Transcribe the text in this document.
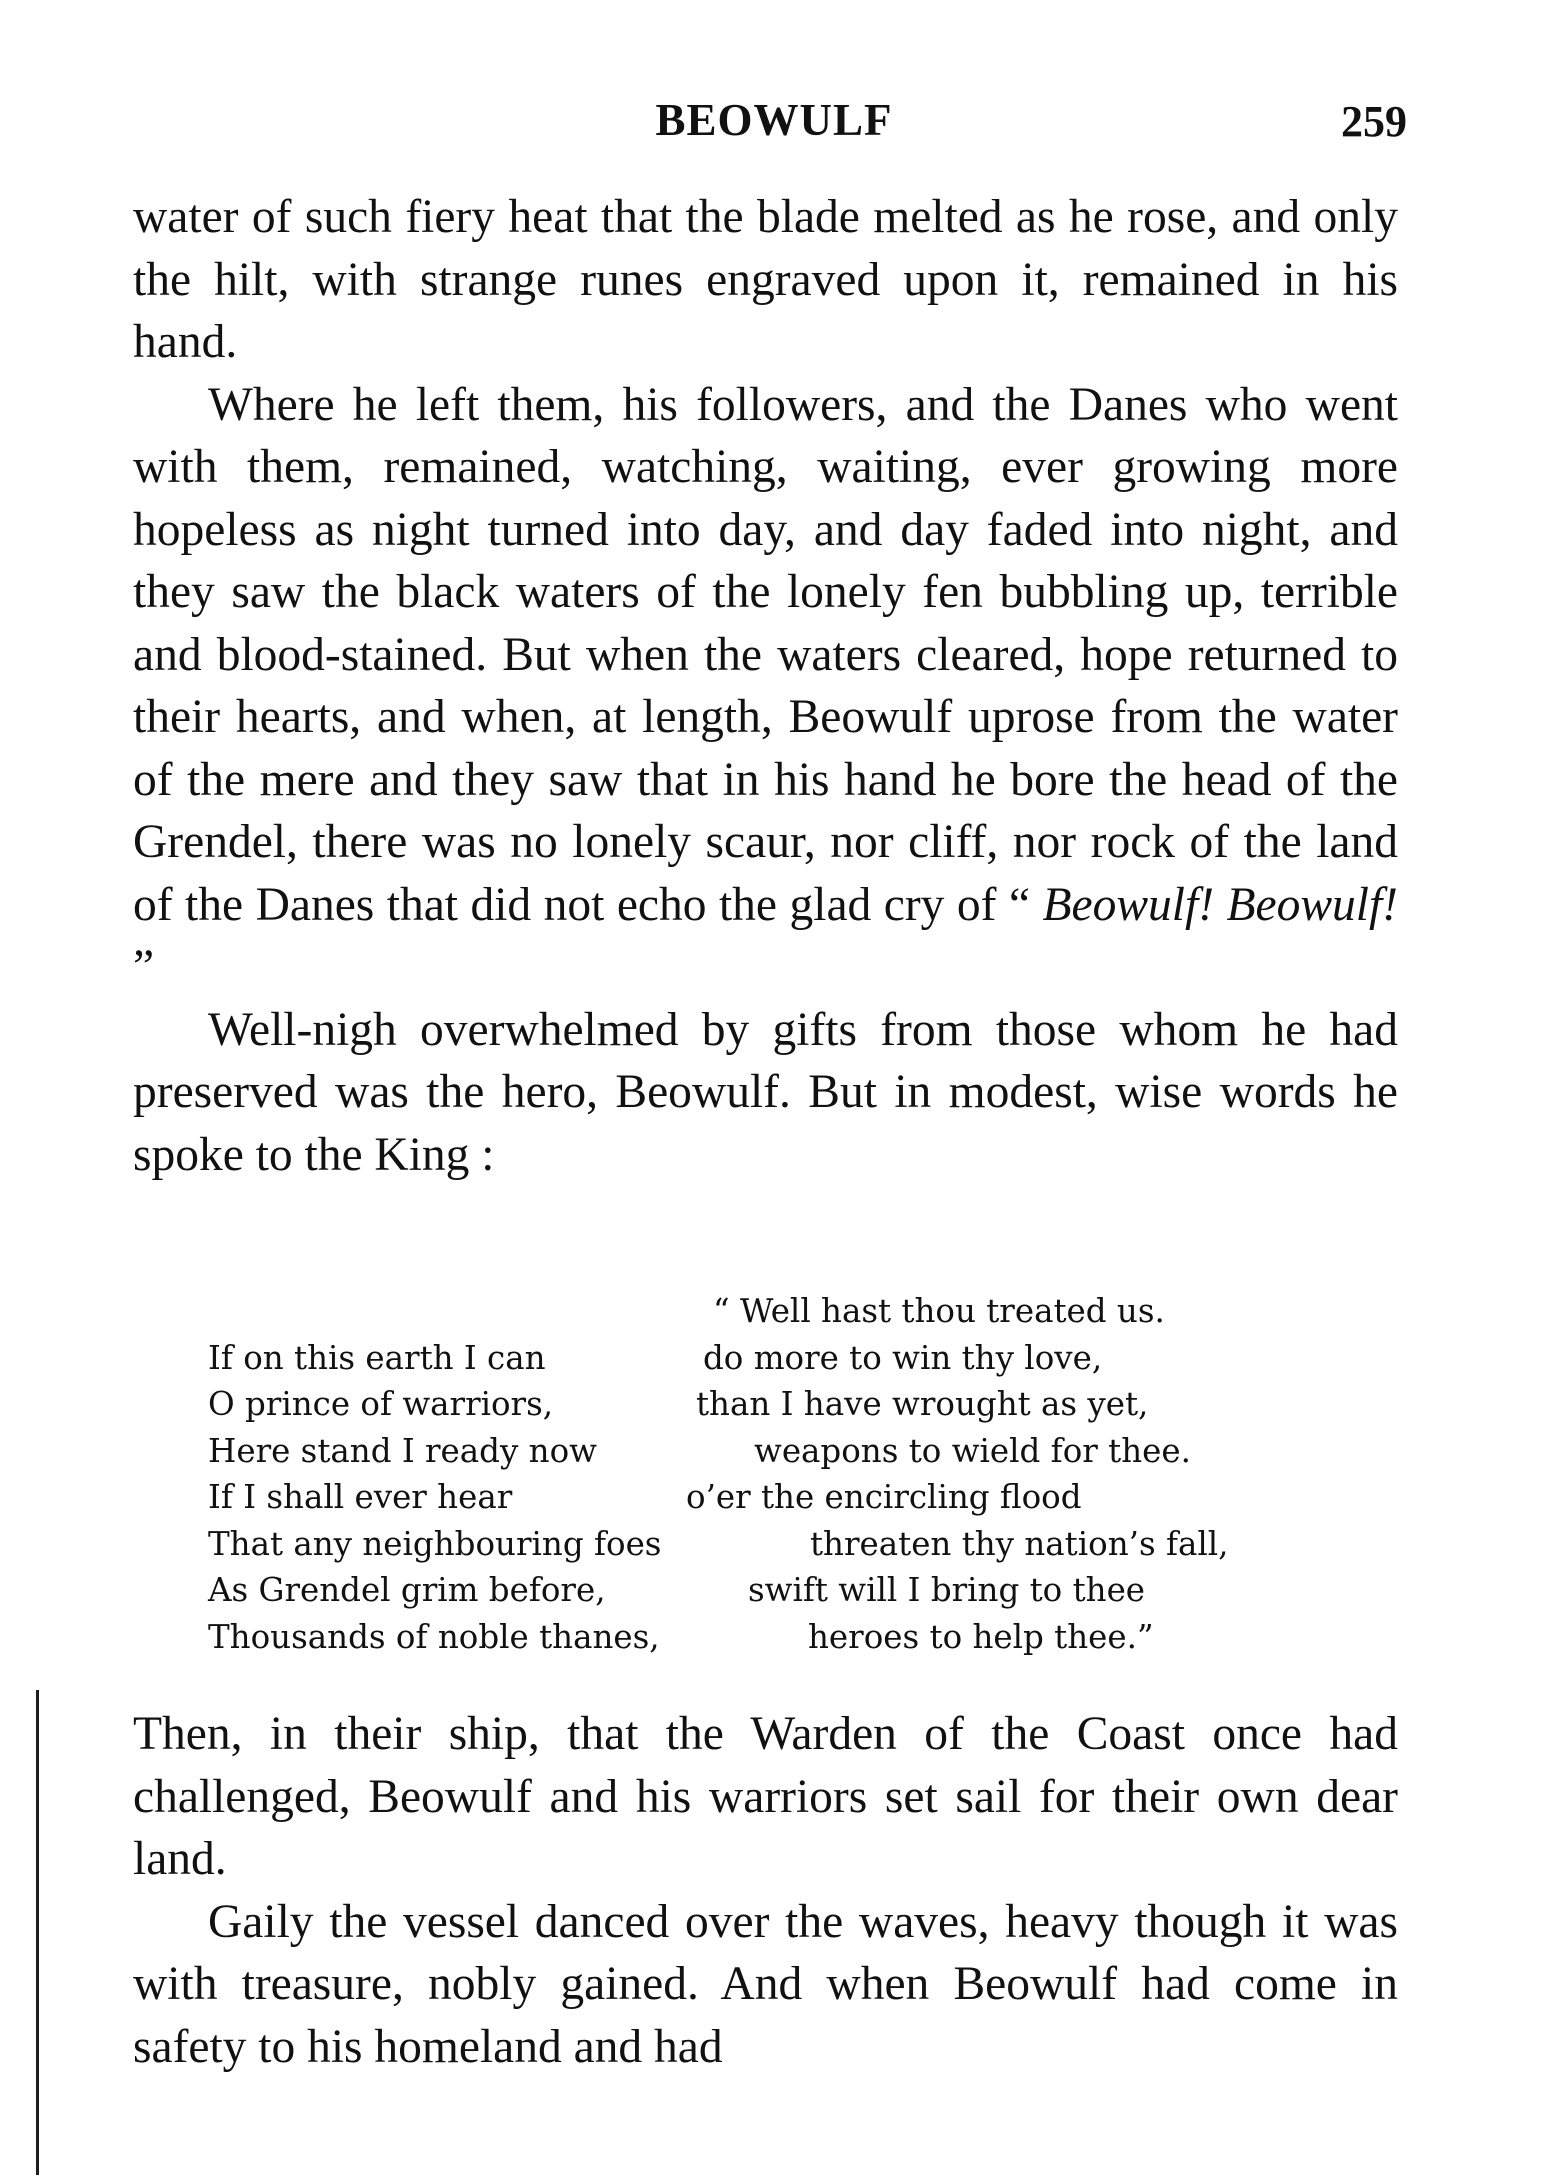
BEOWULF	259

water of such fiery heat that the blade melted as he rose, and only the hilt, with strange runes engraved upon it, remained in his hand.

Where he left them, his followers, and the Danes who went with them, remained, watching, waiting, ever growing more hopeless as night turned into day, and day faded into night, and they saw the black waters of the lonely fen bubbling up, terrible and blood-stained. But when the waters cleared, hope returned to their hearts, and when, at length, Beowulf uprose from the water of the mere and they saw that in his hand he bore the head of the Grendel, there was no lonely scaur, nor cliff, nor rock of the land of the Danes that did not echo the glad cry of “ Beowulf! Beowulf! ”

Well-nigh overwhelmed by gifts from those whom he had preserved was the hero, Beowulf. But in modest, wise words he spoke to the King :

“ Well hast thou treated us.
If on this earth I can	do more to win thy love,
O prince of warriors,	than I have wrought as yet,
Here stand I ready now	weapons to wield for thee.
If I shall ever hear	o’er the encircling flood
That any neighbouring foes	threaten thy nation’s fall,
As Grendel grim before,	swift will I bring to thee
Thousands of noble thanes,	heroes to help thee.”

Then, in their ship, that the Warden of the Coast once had challenged, Beowulf and his warriors set sail for their own dear land.

Gaily the vessel danced over the waves, heavy though it was with treasure, nobly gained. And when Beowulf had come in safety to his homeland and had
